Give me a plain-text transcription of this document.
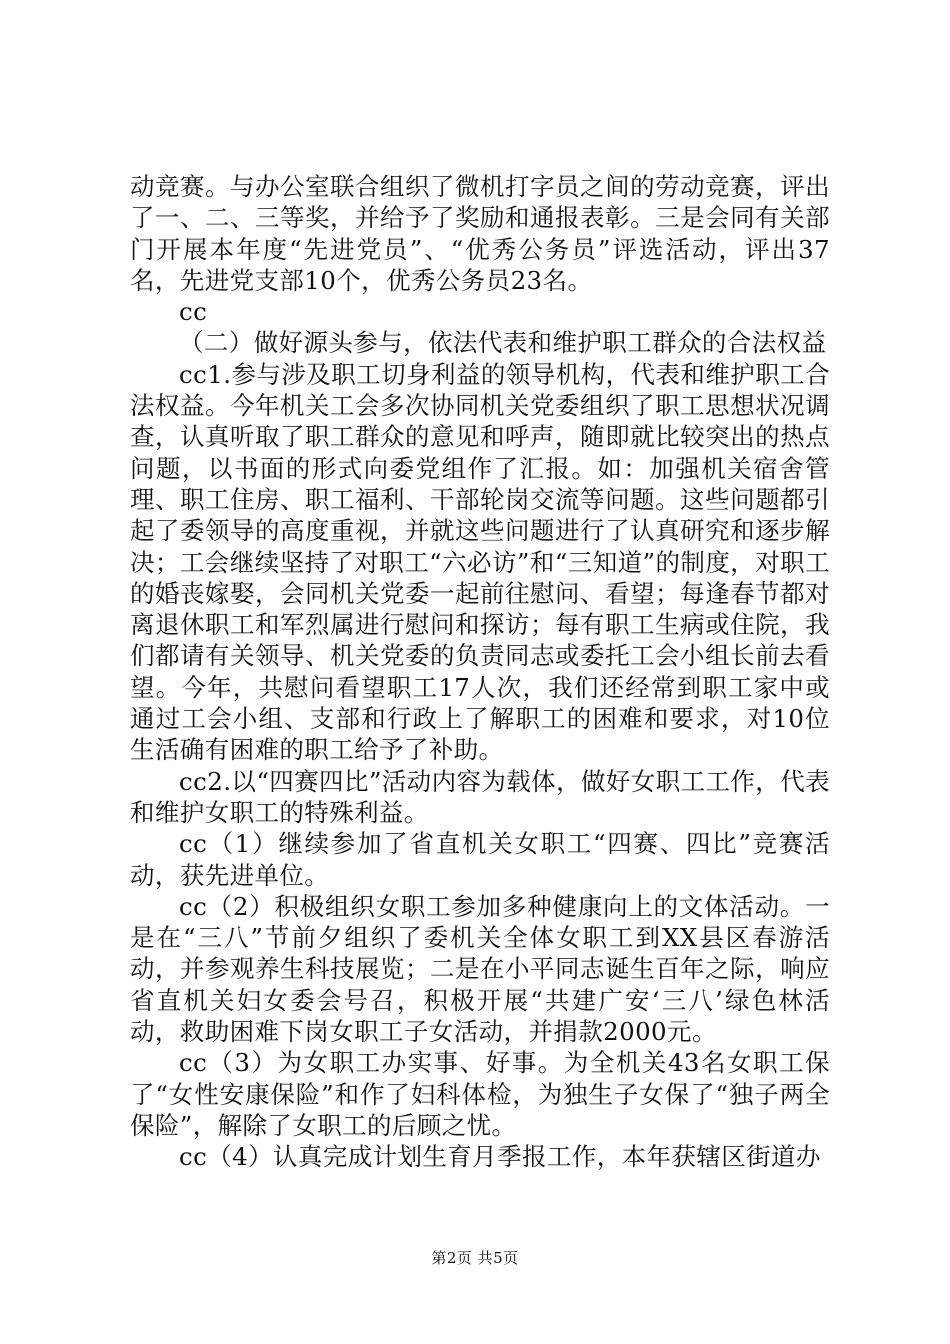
动竞赛。与办公室联合组织了微机打字员之间的劳动竞赛，评出了一、二、三等奖，并给予了奖励和通报表彰。三是会同有关部门开展本年度“先进党员”、“优秀公务员”评选活动，评出37名，先进党支部10个，优秀公务员23名。

cc

（二）做好源头参与，依法代表和维护职工群众的合法权益

cc1.参与涉及职工切身利益的领导机构，代表和维护职工合法权益。今年机关工会多次协同机关党委组织了职工思想状况调查，认真听取了职工群众的意见和呼声，随即就比较突出的热点问题，以书面的形式向委党组作了汇报。如：加强机关宿舍管理、职工住房、职工福利、干部轮岗交流等问题。这些问题都引起了委领导的高度重视，并就这些问题进行了认真研究和逐步解决；工会继续坚持了对职工“六必访”和“三知道”的制度，对职工的婚丧嫁娶，会同机关党委一起前往慰问、看望；每逢春节都对离退休职工和军烈属进行慰问和探访；每有职工生病或住院，我们都请有关领导、机关党委的负责同志或委托工会小组长前去看望。今年，共慰问看望职工17人次，我们还经常到职工家中或通过工会小组、支部和行政上了解职工的困难和要求，对10位生活确有困难的职工给予了补助。

cc2.以“四赛四比”活动内容为载体，做好女职工工作，代表和维护女职工的特殊利益。

cc（1）继续参加了省直机关女职工“四赛、四比”竞赛活动，获先进单位。

cc（2）积极组织女职工参加多种健康向上的文体活动。一是在“三八”节前夕组织了委机关全体女职工到XX县区春游活动，并参观养生科技展览；二是在小平同志诞生百年之际，响应省直机关妇女委会号召，积极开展“共建广安‘三八’绿色林活动，救助困难下岗女职工子女活动，并捐款2000元。

cc（3）为女职工办实事、好事。为全机关43名女职工保了“女性安康保险”和作了妇科体检，为独生子女保了“独子两全保险”，解除了女职工的后顾之忧。

cc（4）认真完成计划生育月季报工作，本年获辖区街道办

第2页 共5页
